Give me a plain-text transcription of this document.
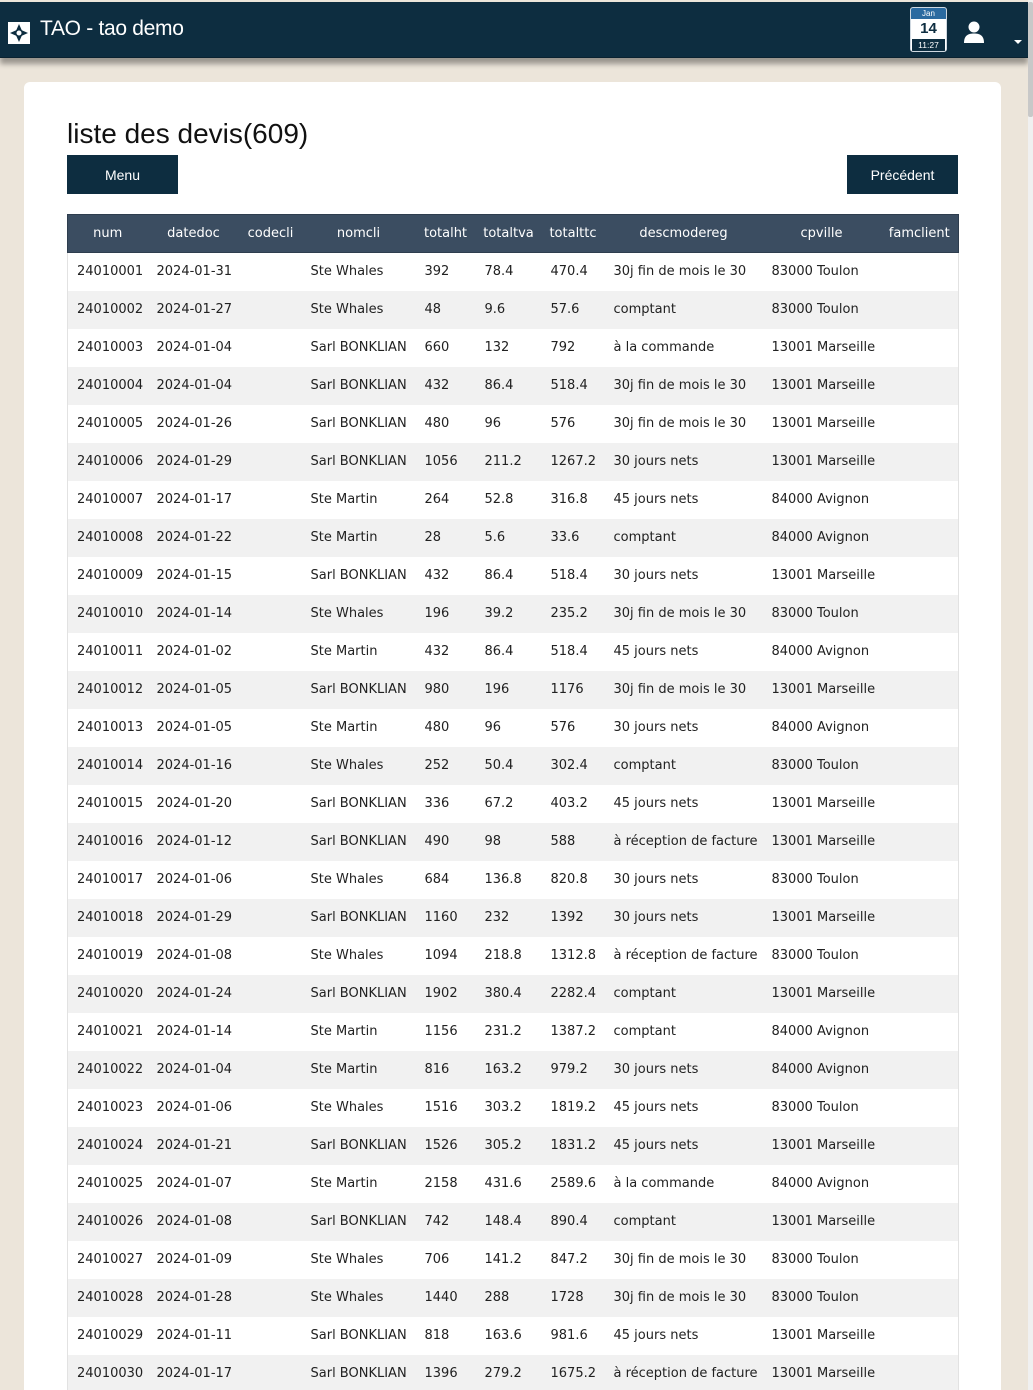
TAO - tao demo
Jan
14
11:27
liste des devis(609)
Menu	Précédent
num	datedoc	codecli	nomcli	totalht	totaltva	totalttc	descmodereg	cpville	famclient
24010001	2024-01-31		Ste Whales	392	78.4	470.4	30j fin de mois le 30	83000 Toulon	
24010002	2024-01-27		Ste Whales	48	9.6	57.6	comptant	83000 Toulon	
24010003	2024-01-04		Sarl BONKLIAN	660	132	792	à la commande	13001 Marseille	
24010004	2024-01-04		Sarl BONKLIAN	432	86.4	518.4	30j fin de mois le 30	13001 Marseille	
24010005	2024-01-26		Sarl BONKLIAN	480	96	576	30j fin de mois le 30	13001 Marseille	
24010006	2024-01-29		Sarl BONKLIAN	1056	211.2	1267.2	30 jours nets	13001 Marseille	
24010007	2024-01-17		Ste Martin	264	52.8	316.8	45 jours nets	84000 Avignon	
24010008	2024-01-22		Ste Martin	28	5.6	33.6	comptant	84000 Avignon	
24010009	2024-01-15		Sarl BONKLIAN	432	86.4	518.4	30 jours nets	13001 Marseille	
24010010	2024-01-14		Ste Whales	196	39.2	235.2	30j fin de mois le 30	83000 Toulon	
24010011	2024-01-02		Ste Martin	432	86.4	518.4	45 jours nets	84000 Avignon	
24010012	2024-01-05		Sarl BONKLIAN	980	196	1176	30j fin de mois le 30	13001 Marseille	
24010013	2024-01-05		Ste Martin	480	96	576	30 jours nets	84000 Avignon	
24010014	2024-01-16		Ste Whales	252	50.4	302.4	comptant	83000 Toulon	
24010015	2024-01-20		Sarl BONKLIAN	336	67.2	403.2	45 jours nets	13001 Marseille	
24010016	2024-01-12		Sarl BONKLIAN	490	98	588	à réception de facture	13001 Marseille	
24010017	2024-01-06		Ste Whales	684	136.8	820.8	30 jours nets	83000 Toulon	
24010018	2024-01-29		Sarl BONKLIAN	1160	232	1392	30 jours nets	13001 Marseille	
24010019	2024-01-08		Ste Whales	1094	218.8	1312.8	à réception de facture	83000 Toulon	
24010020	2024-01-24		Sarl BONKLIAN	1902	380.4	2282.4	comptant	13001 Marseille	
24010021	2024-01-14		Ste Martin	1156	231.2	1387.2	comptant	84000 Avignon	
24010022	2024-01-04		Ste Martin	816	163.2	979.2	30 jours nets	84000 Avignon	
24010023	2024-01-06		Ste Whales	1516	303.2	1819.2	45 jours nets	83000 Toulon	
24010024	2024-01-21		Sarl BONKLIAN	1526	305.2	1831.2	45 jours nets	13001 Marseille	
24010025	2024-01-07		Ste Martin	2158	431.6	2589.6	à la commande	84000 Avignon	
24010026	2024-01-08		Sarl BONKLIAN	742	148.4	890.4	comptant	13001 Marseille	
24010027	2024-01-09		Ste Whales	706	141.2	847.2	30j fin de mois le 30	83000 Toulon	
24010028	2024-01-28		Ste Whales	1440	288	1728	30j fin de mois le 30	83000 Toulon	
24010029	2024-01-11		Sarl BONKLIAN	818	163.6	981.6	45 jours nets	13001 Marseille	
24010030	2024-01-17		Sarl BONKLIAN	1396	279.2	1675.2	à réception de facture	13001 Marseille	
